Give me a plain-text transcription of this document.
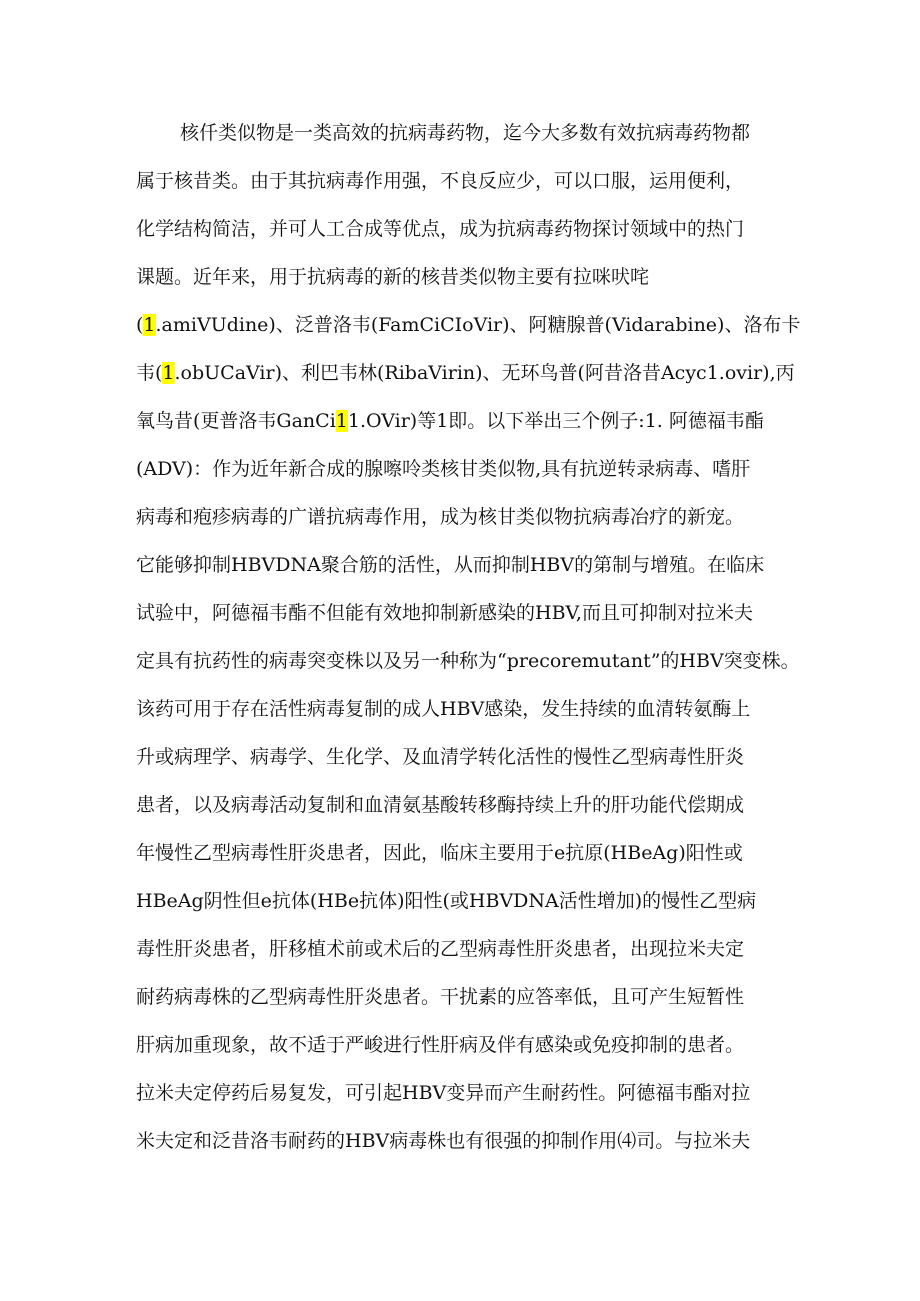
核仟类似物是一类高效的抗病毒药物，迄今大多数有效抗病毒药物都
属于核昔类。由于其抗病毒作用强，不良反应少，可以口服，运用便利，
化学结构简洁，并可人工合成等优点，成为抗病毒药物探讨领域中的热门
课题。近年来，用于抗病毒的新的核昔类似物主要有拉咪吠咤
(1.amiVUdine)、泛普洛韦(FamCiCIoVir)、阿糖腺普(Vidarabine)、洛布卡
韦(1.obUCaVir)、利巴韦林(RibaVirin)、无环鸟普(阿昔洛昔Acyc1.ovir),丙
氧鸟昔(更普洛韦GanCi11.OVir)等1即。以下举出三个例子:1. 阿德福韦酯
(ADV)：作为近年新合成的腺嚓呤类核甘类似物,具有抗逆转录病毒、嗜肝
病毒和疱疹病毒的广谱抗病毒作用，成为核甘类似物抗病毒冶疗的新宠。
它能够抑制HBVDNA聚合筋的活性，从而抑制HBV的第制与增殖。在临床
试验中，阿德福韦酯不但能有效地抑制新感染的HBV,而且可抑制对拉米夫
定具有抗药性的病毒突变株以及另一种称为“precoremutant”的HBV突变株。
该药可用于存在活性病毒复制的成人HBV感染，发生持续的血清转氨酶上
升或病理学、病毒学、生化学、及血清学转化活性的慢性乙型病毒性肝炎
患者，以及病毒活动复制和血清氨基酸转移酶持续上升的肝功能代偿期成
年慢性乙型病毒性肝炎患者，因此，临床主要用于e抗原(HBeAg)阳性或
HBeAg阴性但e抗体(HBe抗体)阳性(或HBVDNA活性增加)的慢性乙型病
毒性肝炎患者，肝移植术前或术后的乙型病毒性肝炎患者，出现拉米夫定
耐药病毒株的乙型病毒性肝炎患者。干扰素的应答率低，且可产生短暂性
肝病加重现象，故不适于严峻进行性肝病及伴有感染或免疫抑制的患者。
拉米夫定停药后易复发，可引起HBV变异而产生耐药性。阿德福韦酯对拉
米夫定和泛昔洛韦耐药的HBV病毒株也有很强的抑制作用⑷司。与拉米夫
